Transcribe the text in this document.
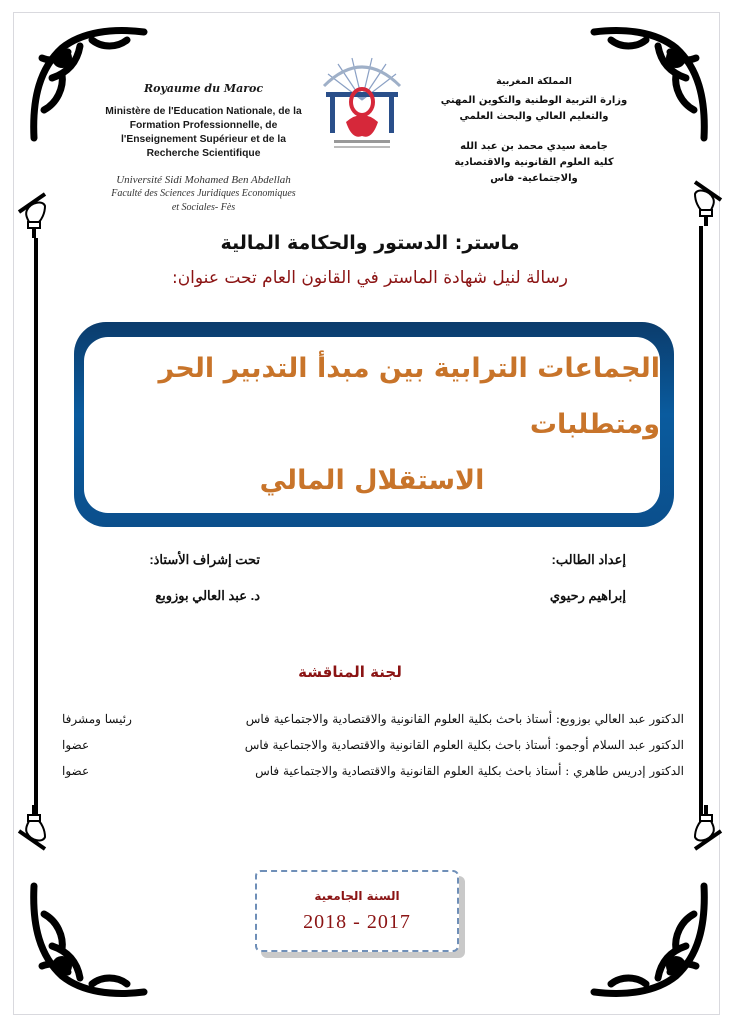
Royaume du Maroc
Ministère de l'Education Nationale, de la
Formation Professionnelle, de
l'Enseignement Supérieur et de la
Recherche Scientifique
Université Sidi Mohamed Ben Abdellah
Faculté des Sciences Juridiques Economiques
et Sociales- Fès
المملكة المغربية
وزارة التربية الوطنية والتكوين المهني
والتعليم العالي والبحث العلمي
جامعة سيدي محمد بن عبد الله
كلية العلوم القانونية والاقتصادية
والاجتماعية- فاس
ماستر: الدستور والحكامة المالية
رسالة لنيل شهادة الماستر في القانون العام تحت عنوان:
الجماعات الترابية بين مبدأ التدبير الحر ومتطلبات
الاستقلال المالي
إعداد الطالب:
إبراهيم رحيوي
تحت إشراف الأستاذ:
د. عبد العالي بوزوبع
لجنة المناقشة
الدكتور عبد العالي بوزوبع: أستاذ باحث بكلية العلوم القانونية والاقتصادية والاجتماعية فاس
رئيسا ومشرفا
الدكتور عبد السلام أوجمو: أستاذ باحث بكلية العلوم القانونية والاقتصادية والاجتماعية فاس
عضوا
الدكتور إدريس طاهري : أستاذ باحث بكلية العلوم القانونية والاقتصادية والاجتماعية فاس
عضوا
السنة الجامعية
2018 - 2017
